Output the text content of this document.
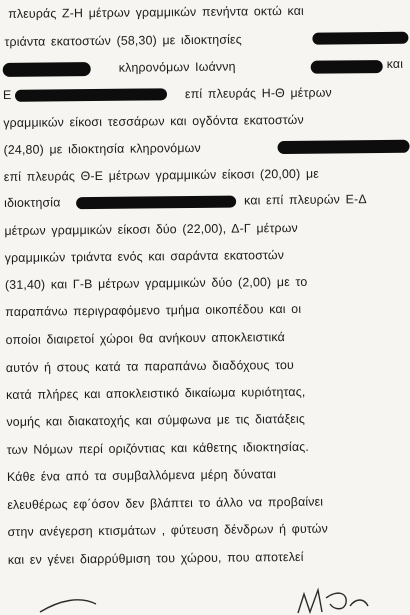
πλευράς Ζ-Η μέτρων γραμμικών πενήντα οκτώ και
τριάντα εκατοστών (58,30) με ιδιοκτησίες
κληρονόμων Ιωάννη	και
Ε	επί πλευράς Η-Θ μέτρων
γραμμικών είκοσι τεσσάρων και ογδόντα εκατοστών
(24,80) με ιδιοκτησία κληρονόμων
επί πλευράς Θ-Ε μέτρων γραμμικών είκοσι (20,00) με
ιδιοκτησία	και επί πλευρών Ε-Δ
μέτρων γραμμικών είκοσι δύο (22,00), Δ-Γ μέτρων
γραμμικών τριάντα ενός και σαράντα εκατοστών
(31,40) και Γ-Β μέτρων γραμμικών δύο (2,00) με το
παραπάνω περιγραφόμενο τμήμα οικοπέδου και οι
οποίοι διαιρετοί χώροι θα ανήκουν αποκλειστικά
αυτόν ή στους κατά τα παραπάνω διαδόχους του
κατά πλήρες και αποκλειστικό δικαίωμα κυριότητας,
νομής και διακατοχής και σύμφωνα με τις διατάξεις
των Νόμων περί οριζόντιας και κάθετης ιδιοκτησίας.
Κάθε ένα από τα συμβαλλόμενα μέρη δύναται
ελευθέρως εφ΄όσον δεν βλάπτει το άλλο να προβαίνει
στην ανέγερση κτισμάτων , φύτευση δένδρων ή φυτών
και εν γένει διαρρύθμιση του χώρου, που αποτελεί
